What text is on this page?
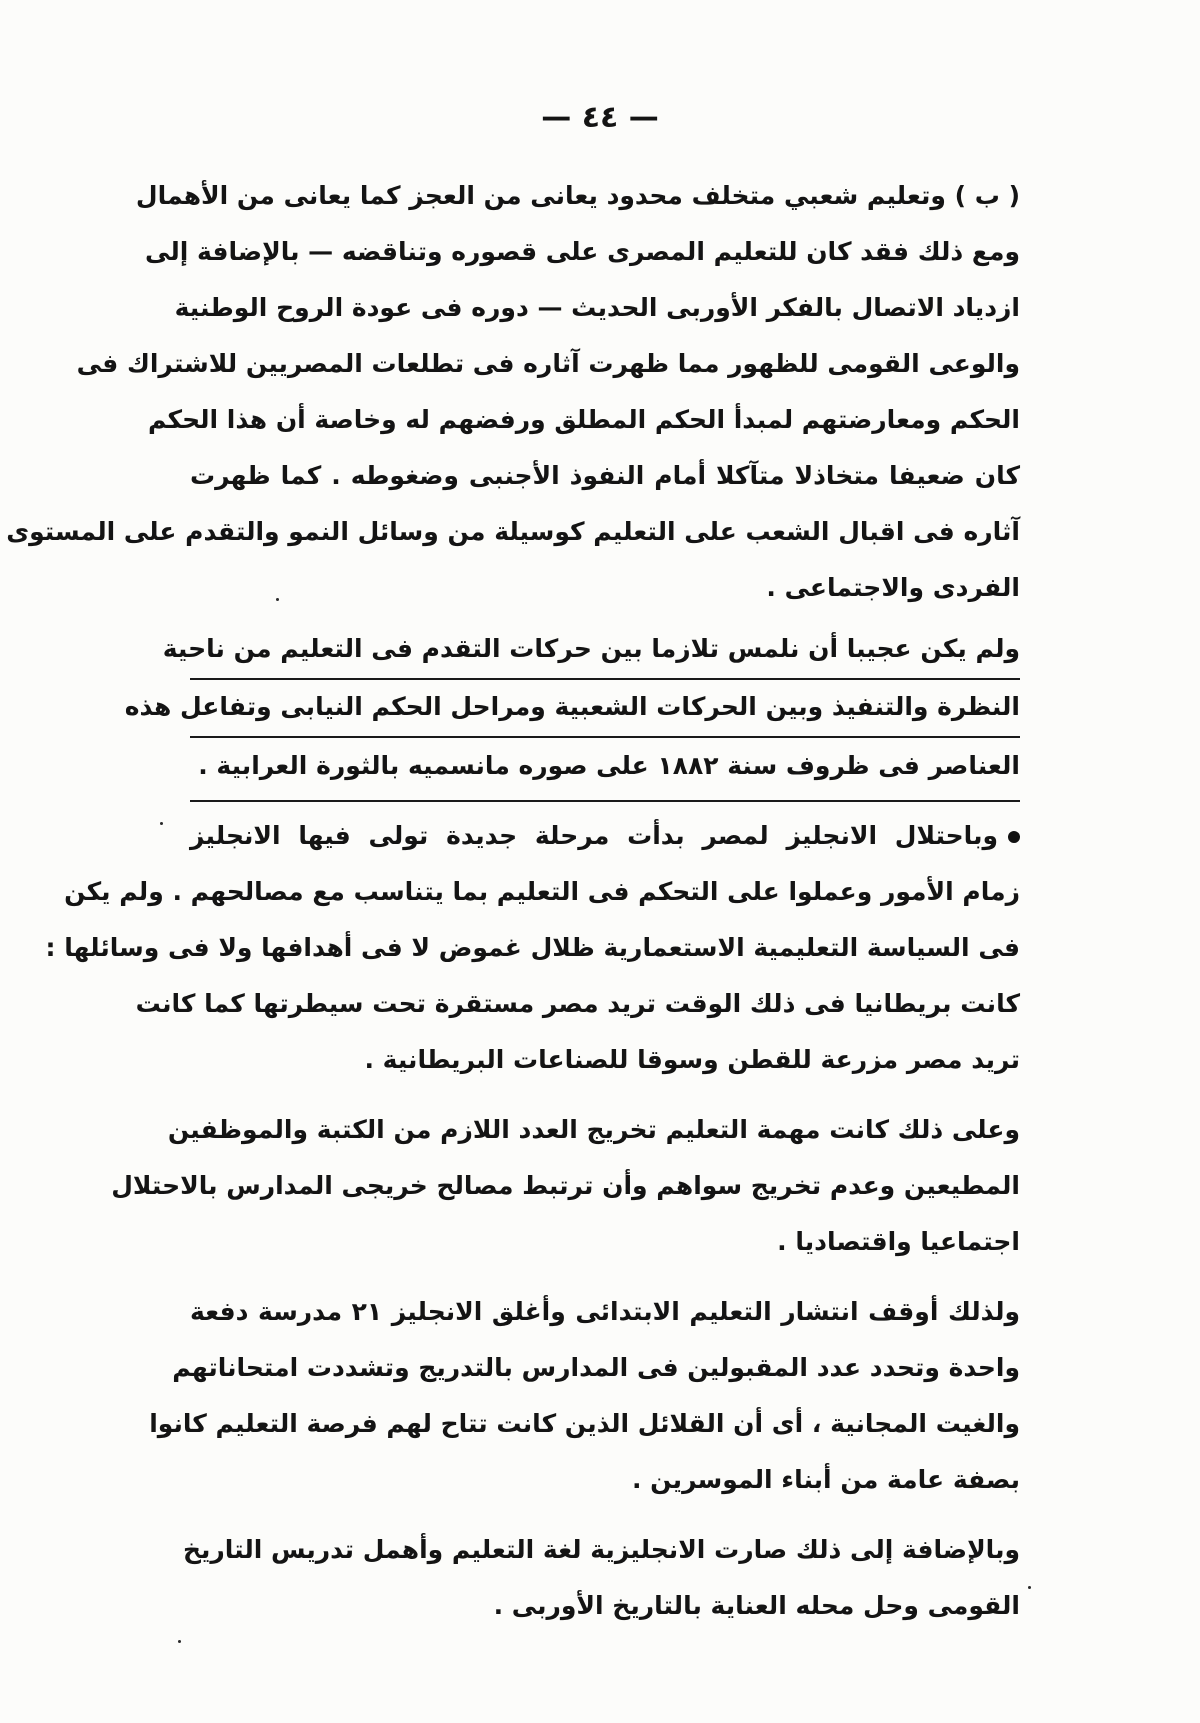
— ٤٤ —
( ب ) وتعليم شعبي متخلف محدود يعانى من العجز كما يعانى من الأهمال
ومع ذلك فقد كان للتعليم المصرى على قصوره وتناقضه — بالإضافة إلى
ازدياد الاتصال بالفكر الأوربى الحديث — دوره فى عودة الروح الوطنية
والوعى القومى للظهور مما ظهرت آثاره فى تطلعات المصريين للاشتراك فى
الحكم ومعارضتهم لمبدأ الحكم المطلق ورفضهم له وخاصة أن هذا الحكم
كان ضعيفا متخاذلا متآكلا أمام النفوذ الأجنبى وضغوطه . كما ظهرت
آثاره فى اقبال الشعب على التعليم كوسيلة من وسائل النمو والتقدم على المستوى
الفردى والاجتماعى .
ولم يكن عجيبا أن نلمس تلازما بين حركات التقدم فى التعليم من ناحية
النظرة والتنفيذ وبين الحركات الشعبية ومراحل الحكم النيابى وتفاعل هذه
العناصر فى ظروف سنة ١٨٨٢ على صوره مانسميه بالثورة العرابية .
وباحتلال الانجليز لمصر بدأت مرحلة جديدة تولى فيها الانجليز
زمام الأمور وعملوا على التحكم فى التعليم بما يتناسب مع مصالحهم . ولم يكن
فى السياسة التعليمية الاستعمارية ظلال غموض لا فى أهدافها ولا فى وسائلها :
كانت بريطانيا فى ذلك الوقت تريد مصر مستقرة تحت سيطرتها كما كانت
تريد مصر مزرعة للقطن وسوقا للصناعات البريطانية .
وعلى ذلك كانت مهمة التعليم تخريج العدد اللازم من الكتبة والموظفين
المطيعين وعدم تخريج سواهم وأن ترتبط مصالح خريجى المدارس بالاحتلال
اجتماعيا واقتصاديا .
ولذلك أوقف انتشار التعليم الابتدائى وأغلق الانجليز ٢١ مدرسة دفعة
واحدة وتحدد عدد المقبولين فى المدارس بالتدريج وتشددت امتحاناتهم
والغيت المجانية ، أى أن القلائل الذين كانت تتاح لهم فرصة التعليم كانوا
بصفة عامة من أبناء الموسرين .
وبالإضافة إلى ذلك صارت الانجليزية لغة التعليم وأهمل تدريس التاريخ
القومى وحل محله العناية بالتاريخ الأوربى .
